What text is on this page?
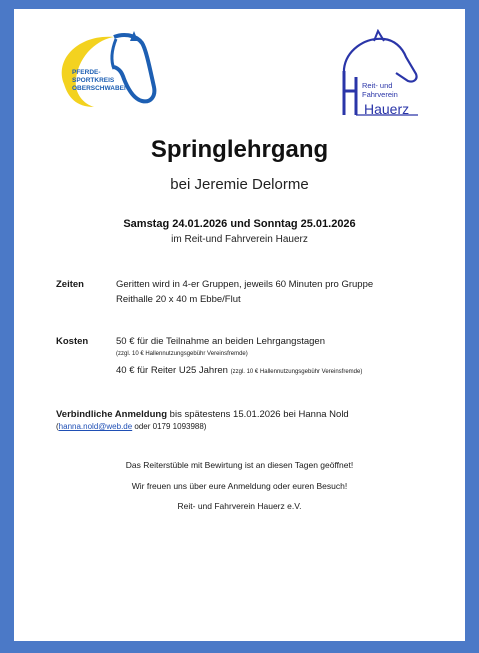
PFERDE-
SPORTKREIS
OBERSCHWABEN	Reit- und
Fahrverein
Hauerz
Springlehrgang
bei Jeremie Delorme
Samstag 24.01.2026 und Sonntag 25.01.2026
im Reit-und Fahrverein Hauerz
Zeiten	Geritten wird in 4-er Gruppen, jeweils 60 Minuten pro Gruppe
Reithalle 20 x 40 m Ebbe/Flut
Kosten	50 € für die Teilnahme an beiden Lehrgangstagen
(zzgl. 10 € Hallennutzungsgebühr Vereinsfremde)
40 € für Reiter U25 Jahren (zzgl. 10 € Hallennutzungsgebühr Vereinsfremde)
Verbindliche Anmeldung bis spätestens 15.01.2026 bei Hanna Nold
(hanna.nold@web.de oder 0179 1093988)
Das Reiterstüble mit Bewirtung ist an diesen Tagen geöffnet!
Wir freuen uns über eure Anmeldung oder euren Besuch!
Reit- und Fahrverein Hauerz e.V.
